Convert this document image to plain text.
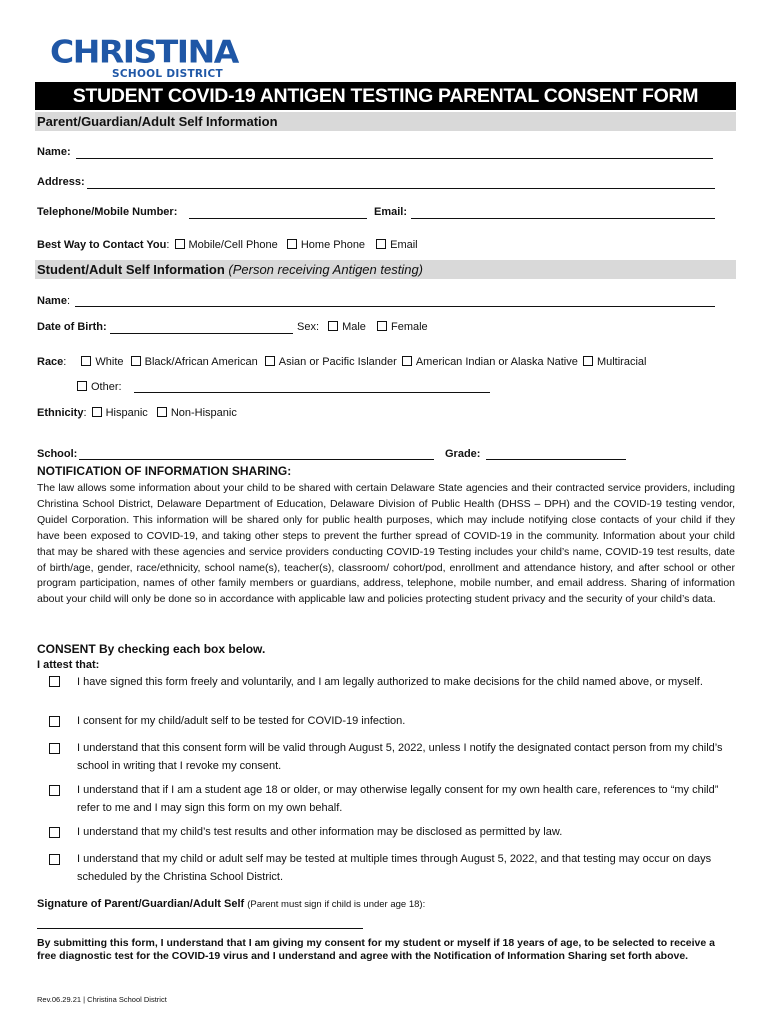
CHRISTINA
SCHOOL DISTRICT
STUDENT COVID-19 ANTIGEN TESTING PARENTAL CONSENT FORM
Parent/Guardian/Adult Self Information
Name:
Address:
Telephone/Mobile Number:	Email:
Best Way to Contact You: Mobile/Cell Phone Home Phone Email
Student/Adult Self Information (Person receiving Antigen testing)
Name:
Date of Birth:	Sex: Male Female
Race: White Black/African American Asian or Pacific Islander American Indian or Alaska Native Multiracial
Other:
Ethnicity: Hispanic Non-Hispanic
School:	Grade:
NOTIFICATION OF INFORMATION SHARING:
The law allows some information about your child to be shared with certain Delaware State agencies and their contracted service providers, including Christina School District, Delaware Department of Education, Delaware Division of Public Health (DHSS – DPH) and the COVID-19 testing vendor, Quidel Corporation. This information will be shared only for public health purposes, which may include notifying close contacts of your child if they have been exposed to COVID-19, and taking other steps to prevent the further spread of COVID-19 in the community. Information about your child that may be shared with these agencies and service providers conducting COVID-19 Testing includes your child’s name, COVID-19 test results, date of birth/age, gender, race/ethnicity, school name(s), teacher(s), classroom/ cohort/pod, enrollment and attendance history, and after school or other program participation, names of other family members or guardians, address, telephone, mobile number, and email address. Sharing of information about your child will only be done so in accordance with applicable law and policies protecting student privacy and the security of your child’s data.
CONSENT By checking each box below.
I attest that:
I have signed this form freely and voluntarily, and I am legally authorized to make decisions for the child named above, or myself.
I consent for my child/adult self to be tested for COVID-19 infection.
I understand that this consent form will be valid through August 5, 2022, unless I notify the designated contact person from my child’s school in writing that I revoke my consent.
I understand that if I am a student age 18 or older, or may otherwise legally consent for my own health care, references to “my child” refer to me and I may sign this form on my own behalf.
I understand that my child’s test results and other information may be disclosed as permitted by law.
I understand that my child or adult self may be tested at multiple times through August 5, 2022, and that testing may occur on days scheduled by the Christina School District.
Signature of Parent/Guardian/Adult Self (Parent must sign if child is under age 18):
By submitting this form, I understand that I am giving my consent for my student or myself if 18 years of age, to be selected to receive a free diagnostic test for the COVID-19 virus and I understand and agree with the Notification of Information Sharing set forth above.
Rev.06.29.21 | Christina School District
